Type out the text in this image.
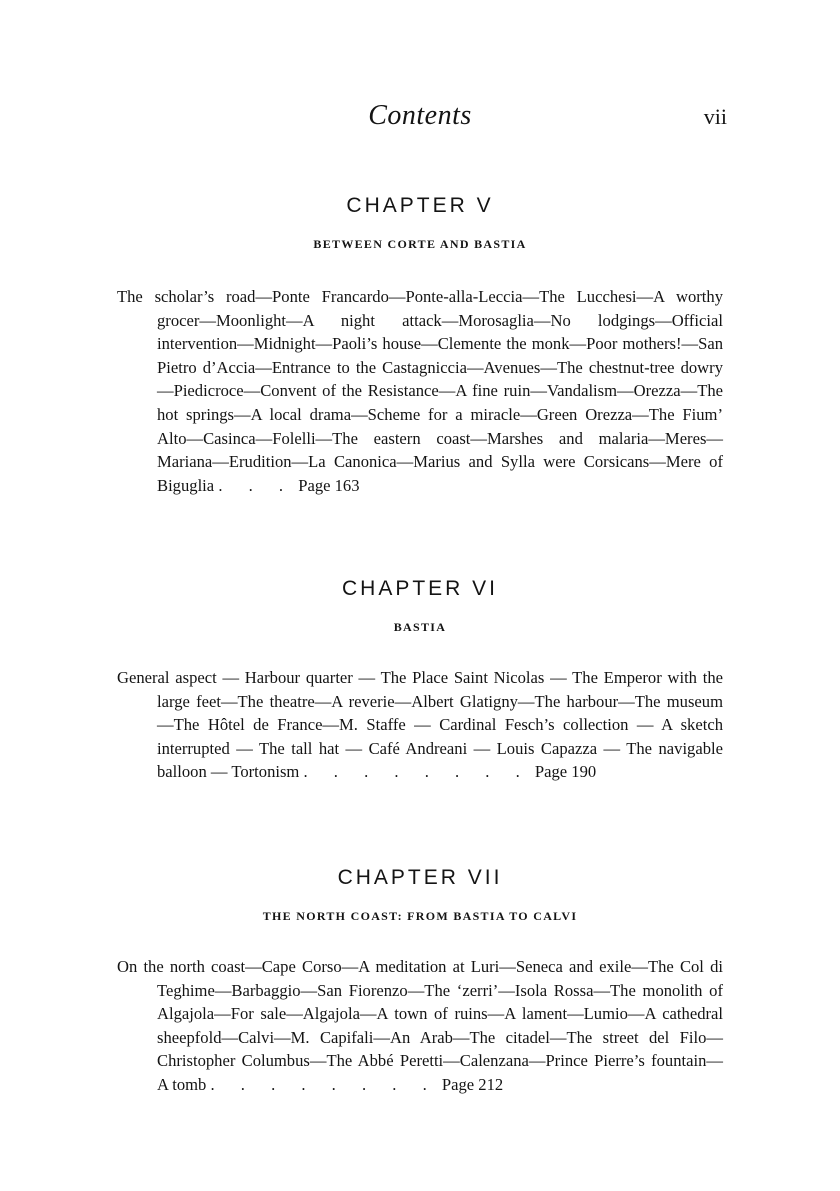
Contents	vii
CHAPTER V
BETWEEN CORTE AND BASTIA
The scholar’s road—Ponte Francardo—Ponte-alla-Leccia—The Lucchesi—A worthy grocer—Moonlight—A night attack—Morosaglia—No lodgings—Official intervention—Midnight—Paoli’s house—Clemente the monk—Poor mothers!—San Pietro d’Accia—Entrance to the Castagniccia—Avenues—The chestnut-tree dowry—Piedicroce—Convent of the Resistance—A fine ruin—Vandalism—Orezza—The hot springs—A local drama—Scheme for a miracle—Green Orezza—The Fium’ Alto—Casinca—Folelli—The eastern coast—Marshes and malaria—Meres—Mariana—Erudition—La Canonica—Marius and Sylla were Corsicans—Mere of Biguglia . . . Page 163
CHAPTER VI
BASTIA
General aspect — Harbour quarter — The Place Saint Nicolas — The Emperor with the large feet—The theatre—A reverie—Albert Glatigny—The harbour—The museum—The Hôtel de France—M. Staffe — Cardinal Fesch’s collection — A sketch interrupted — The tall hat — Café Andreani — Louis Capazza — The navigable balloon — Tortonism . . . . . . . . Page 190
CHAPTER VII
THE NORTH COAST: FROM BASTIA TO CALVI
On the north coast—Cape Corso—A meditation at Luri—Seneca and exile—The Col di Teghime—Barbaggio—San Fiorenzo—The ‘zerri’—Isola Rossa—The monolith of Algajola—For sale—Algajola—A town of ruins—A lament—Lumio—A cathedral sheepfold—Calvi—M. Capifali—An Arab—The citadel—The street del Filo—Christopher Columbus—The Abbé Peretti—Calenzana—Prince Pierre’s fountain—A tomb . . . . . . . . Page 212
